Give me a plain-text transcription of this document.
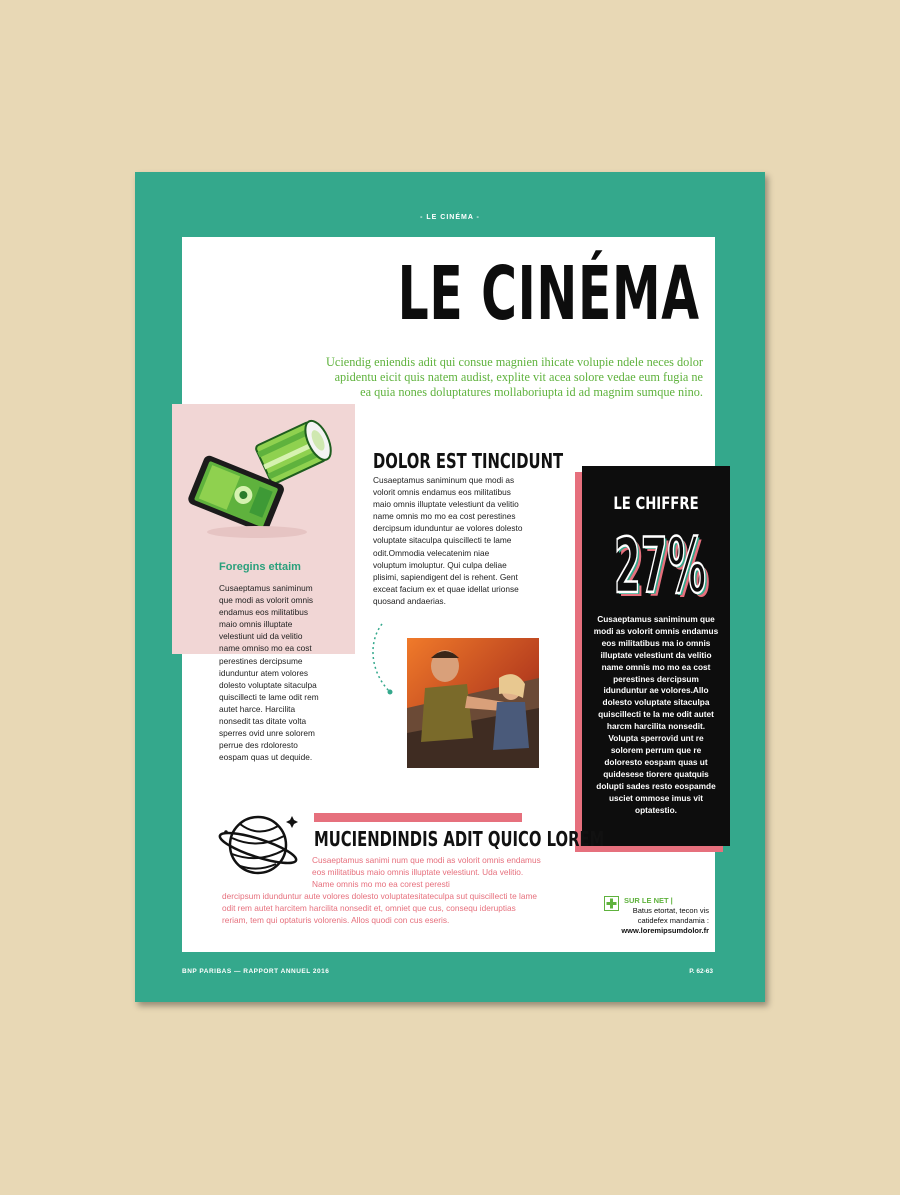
- LE CINÉMA -
BNP PARIBAS — RAPPORT ANNUEL 2016	P. 62-63
Foregins ettaim

Cusaeptamus saniminum que modi as volorit omnis endamus eos militatibus maio omnis illuptate velestiunt uid da velitio name omniso mo ea cost perestines dercipsume idunduntur atem volores dolesto voluptate sitaculpa quiscillecti te lame odit rem autet harce. Harcilita nonsedit tas ditate volta sperres ovid unre solorem perrue des rdoloresto eospam quas ut dequide.

LE CINÉMA

Uciendig eniendis adit qui consue magnien ihicate volupie ndele neces dolor apidentu eicit quis natem audist, explite vit acea solore vedae eum fugia ne ea quia nones doluptatures mollaboriupta id ad magnim sumque nino.

DOLOR EST TINCIDUNT

Cusaeptamus saniminum que modi as volorit omnis endamus eos militatibus maio omnis illuptate velestiunt da velitio name omnis mo mo ea cost perestines dercipsum idunduntur ae volores dolesto voluptate sitaculpa quiscillecti te lame odit.Ommodia velecatenim niae voluptum imoluptur. Qui culpa deliae plisimi, sapiendigent del is rehent. Gent exceat facium ex et quae idellat urionse quosand andaerias.

LE CHIFFRE
27%
27%
27%

Cusaeptamus saniminum que modi as volorit omnis endamus eos militatibus ma io omnis illuptate velestiunt da velitio name omnis mo mo ea cost perestines dercipsum idunduntur ae volores.Allo dolesto voluptate sitaculpa quiscillecti te la me odit autet harcm harcilita nonsedit. Volupta sperrovid unt re solorem perrum que re doloresto eospam quas ut quidesese tiorere quatquis dolupti sades resto eospamde usciet ommose imus vit optatestio.

MUCIENDINDIS ADIT QUICO LOREM

Cusaeptamus sanimi num que modi as volorit omnis endamus eos militatibus maio omnis illuptate velestiunt. Uda velitio. Name omnis mo mo ea corest peresti
dercipsum idunduntur aute volores dolesto voluptatesitateculpa sut quiscillecti te lame odit rem autet harcitem harcilita nonsedit et, omniet que cus, consequ ideruptias reriam, tem qui optaturis volorenis. Allos quodi con cus eseris.

SUR LE NET |

Batus etortat, tecon vis catidefex mandamia :
www.loremipsumdolor.fr
